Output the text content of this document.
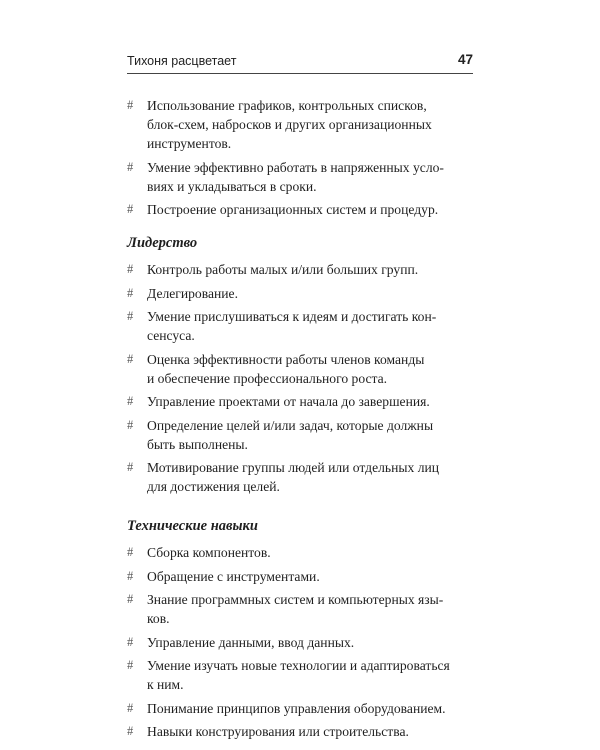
Тихоня расцветает	47
# Использование графиков, контрольных списков,
блок-схем, набросков и других организационных
инструментов.
# Умение эффективно работать в напряженных усло-
виях и укладываться в сроки.
# Построение организационных систем и процедур.
Лидерство
# Контроль работы малых и/или больших групп.
# Делегирование.
# Умение прислушиваться к идеям и достигать кон-
сенсуса.
# Оценка эффективности работы членов команды
и обеспечение профессионального роста.
# Управление проектами от начала до завершения.
# Определение целей и/или задач, которые должны
быть выполнены.
# Мотивирование группы людей или отдельных лиц
для достижения целей.
Технические навыки
# Сборка компонентов.
# Обращение с инструментами.
# Знание программных систем и компьютерных язы-
ков.
# Управление данными, ввод данных.
# Умение изучать новые технологии и адаптироваться
к ним.
# Понимание принципов управления оборудованием.
# Навыки конструирования или строительства.
